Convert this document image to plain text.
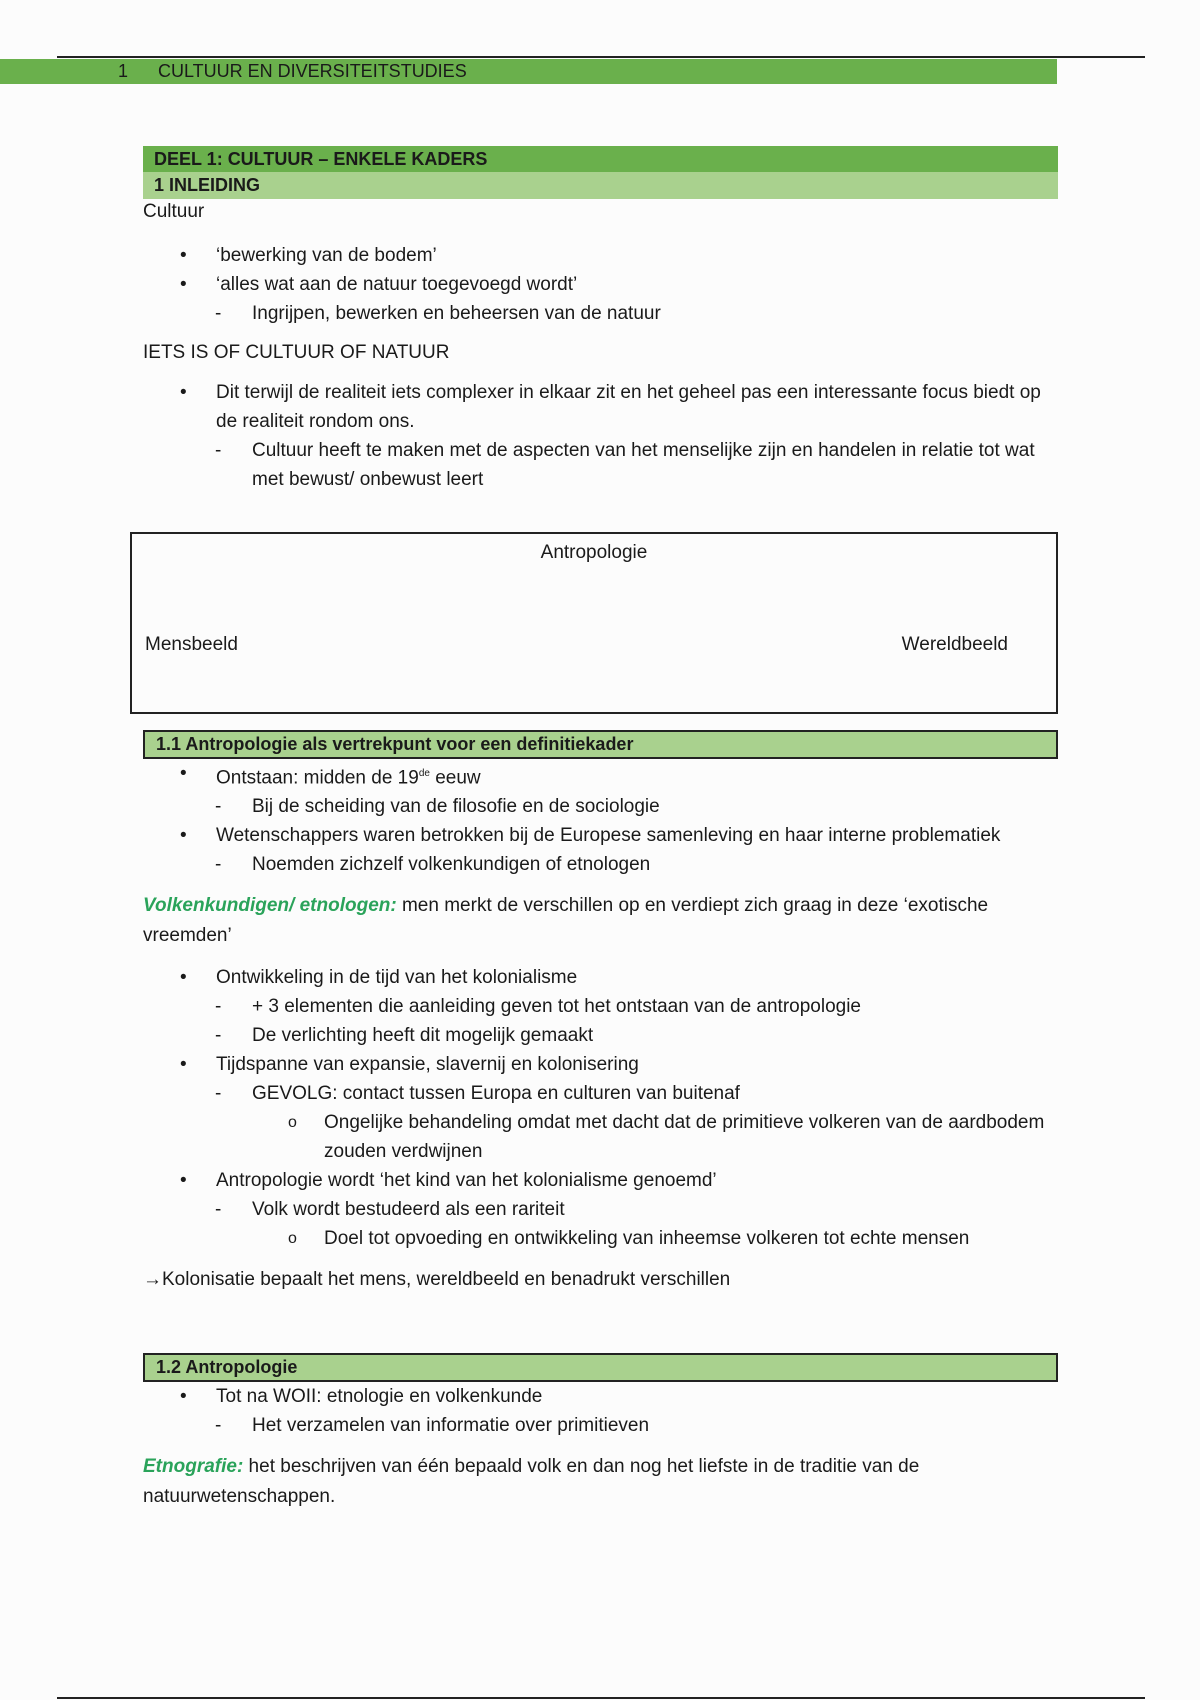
1 CULTUUR EN DIVERSITEITSTUDIES
DEEL 1: CULTUUR – ENKELE KADERS
1 INLEIDING

Cultuur

• ‘bewerking van de bodem’
• ‘alles wat aan de natuur toegevoegd wordt’
- Ingrijpen, bewerken en beheersen van de natuur

IETS IS OF CULTUUR OF NATUUR

• Dit terwijl de realiteit iets complexer in elkaar zit en het geheel pas een interessante focus biedt op de realiteit rondom ons.
- Cultuur heeft te maken met de aspecten van het menselijke zijn en handelen in relatie tot wat met bewust/ onbewust leert
Antropologie
Mensbeeld	Wereldbeeld
1.1 Antropologie als vertrekpunt voor een definitiekader
• Ontstaan: midden de 19de eeuw
- Bij de scheiding van de filosofie en de sociologie
• Wetenschappers waren betrokken bij de Europese samenleving en haar interne problematiek
- Noemden zichzelf volkenkundigen of etnologen

Volkenkundigen/ etnologen: men merkt de verschillen op en verdiept zich graag in deze ‘exotische vreemden’

• Ontwikkeling in de tijd van het kolonialisme
- + 3 elementen die aanleiding geven tot het ontstaan van de antropologie
- De verlichting heeft dit mogelijk gemaakt
• Tijdspanne van expansie, slavernij en kolonisering
- GEVOLG: contact tussen Europa en culturen van buitenaf
o Ongelijke behandeling omdat met dacht dat de primitieve volkeren van de aardbodem zouden verdwijnen
• Antropologie wordt ‘het kind van het kolonialisme genoemd’
- Volk wordt bestudeerd als een rariteit
o Doel tot opvoeding en ontwikkeling van inheemse volkeren tot echte mensen

→Kolonisatie bepaalt het mens, wereldbeeld en benadrukt verschillen

1.2 Antropologie
• Tot na WOII: etnologie en volkenkunde
- Het verzamelen van informatie over primitieven

Etnografie: het beschrijven van één bepaald volk en dan nog het liefste in de traditie van de natuurwetenschappen.
